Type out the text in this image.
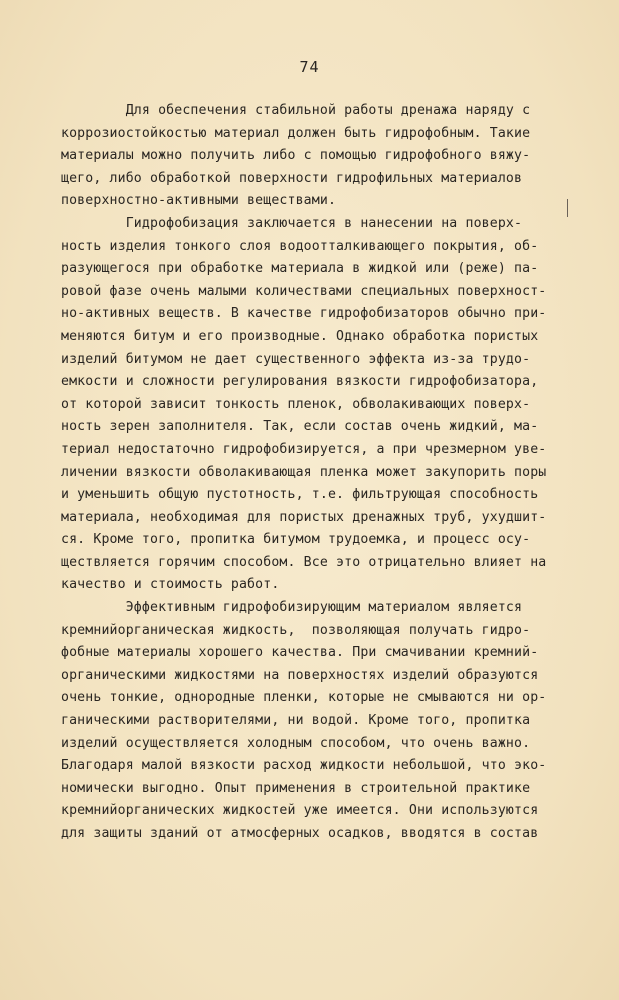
74
Для обеспечения стабильной работы дренажа наряду с
коррозиостойкостью материал должен быть гидрофобным. Такие
материалы можно получить либо с помощью гидрофобного вяжу-
щего, либо обработкой поверхности гидрофильных материалов
поверхностно-активными веществами.
Гидрофобизация заключается в нанесении на поверх-
ность изделия тонкого слоя водоотталкивающего покрытия, об-
разующегося при обработке материала в жидкой или (реже) па-
ровой фазе очень малыми количествами специальных поверхност-
но-активных веществ. В качестве гидрофобизаторов обычно при-
меняются битум и его производные. Однако обработка пористых
изделий битумом не дает существенного эффекта из-за трудо-
емкости и сложности регулирования вязкости гидрофобизатора,
от которой зависит тонкость пленок, обволакивающих поверх-
ность зерен заполнителя. Так, если состав очень жидкий, ма-
териал недостаточно гидрофобизируется, а при чрезмерном уве-
личении вязкости обволакивающая пленка может закупорить поры
и уменьшить общую пустотность, т.е. фильтрующая способность
материала, необходимая для пористых дренажных труб, ухудшит-
ся. Кроме того, пропитка битумом трудоемка, и процесс осу-
ществляется горячим способом. Все это отрицательно влияет на
качество и стоимость работ.
Эффективным гидрофобизирующим материалом является
кремнийорганическая жидкость,  позволяющая получать гидро-
фобные материалы хорошего качества. При смачивании кремний-
органическими жидкостями на поверхностях изделий образуются
очень тонкие, однородные пленки, которые не смываются ни ор-
ганическими растворителями, ни водой. Кроме того, пропитка
изделий осуществляется холодным способом, что очень важно.
Благодаря малой вязкости расход жидкости небольшой, что эко-
номически выгодно. Опыт применения в строительной практике
кремнийорганических жидкостей уже имеется. Они используются
для защиты зданий от атмосферных осадков, вводятся в состав
